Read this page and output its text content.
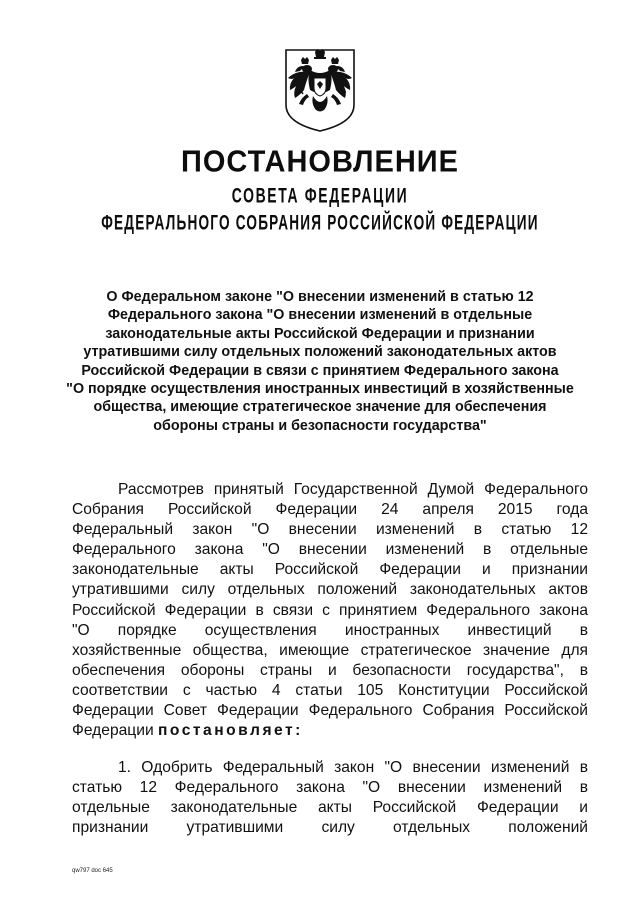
ПОСТАНОВЛЕНИЕ
СОВЕТА ФЕДЕРАЦИИ
ФЕДЕРАЛЬНОГО СОБРАНИЯ РОССИЙСКОЙ ФЕДЕРАЦИИ
О Федеральном законе "О внесении изменений в статью 12
Федерального закона "О внесении изменений в отдельные
законодательные акты Российской Федерации и признании
утратившими силу отдельных положений законодательных актов
Российской Федерации в связи с принятием Федерального закона
"О порядке осуществления иностранных инвестиций в хозяйственные
общества, имеющие стратегическое значение для обеспечения
обороны страны и безопасности государства"
Рассмотрев принятый Государственной Думой Федерального
Собрания Российской Федерации 24 апреля 2015 года
Федеральный закон "О внесении изменений в статью 12
Федерального закона "О внесении изменений в отдельные
законодательные акты Российской Федерации и признании
утратившими силу отдельных положений законодательных актов
Российской Федерации в связи с принятием Федерального закона
"О порядке осуществления иностранных инвестиций в
хозяйственные общества, имеющие стратегическое значение для
обеспечения обороны страны и безопасности государства", в
соответствии с частью 4 статьи 105 Конституции Российской
Федерации Совет Федерации Федерального Собрания Российской
Федерации постановляет:
1. Одобрить Федеральный закон "О внесении изменений в
статью 12 Федерального закона "О внесении изменений в
отдельные законодательные акты Российской Федерации и
признании утратившими силу отдельных положений
qw797 doc 645
